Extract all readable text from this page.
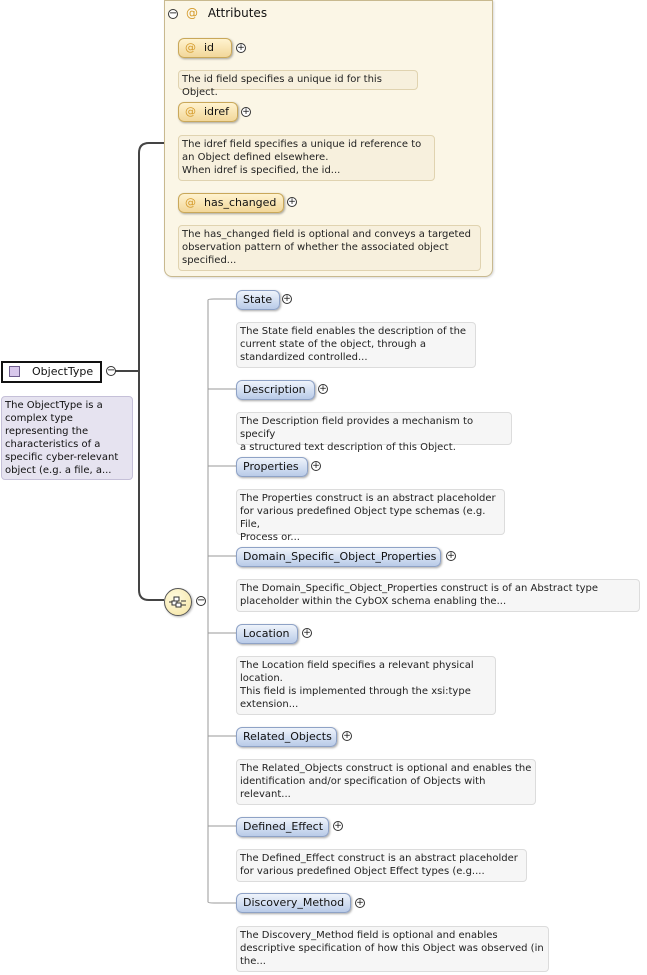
− @ Attributes
@ id	+
The id field specifies a unique id for this Object.
@ idref	+
The idref field specifies a unique id reference to
an Object defined elsewhere.
When idref is specified, the id...
@ has_changed	+
The has_changed field is optional and conveys a targeted
observation pattern of whether the associated object
specified...
ObjectType	−
The ObjectType is a
complex type
representing the
characteristics of a
specific cyber-relevant
object (e.g. a file, a...
−
State	+
The State field enables the description of the
current state of the object, through a
standardized controlled...
Description	+
The Description field provides a mechanism to specify
a structured text description of this Object.
Properties	+
The Properties construct is an abstract placeholder
for various predefined Object type schemas (e.g. File,
Process or...
Domain_Specific_Object_Properties	+
The Domain_Specific_Object_Properties construct is of an Abstract type
placeholder within the CybOX schema enabling the...
Location	+
The Location field specifies a relevant physical
location.
This field is implemented through the xsi:type
extension...
Related_Objects	+
The Related_Objects construct is optional and enables the
identification and/or specification of Objects with
relevant...
Defined_Effect	+
The Defined_Effect construct is an abstract placeholder
for various predefined Object Effect types (e.g....
Discovery_Method	+
The Discovery_Method field is optional and enables
descriptive specification of how this Object was observed (in
the...
